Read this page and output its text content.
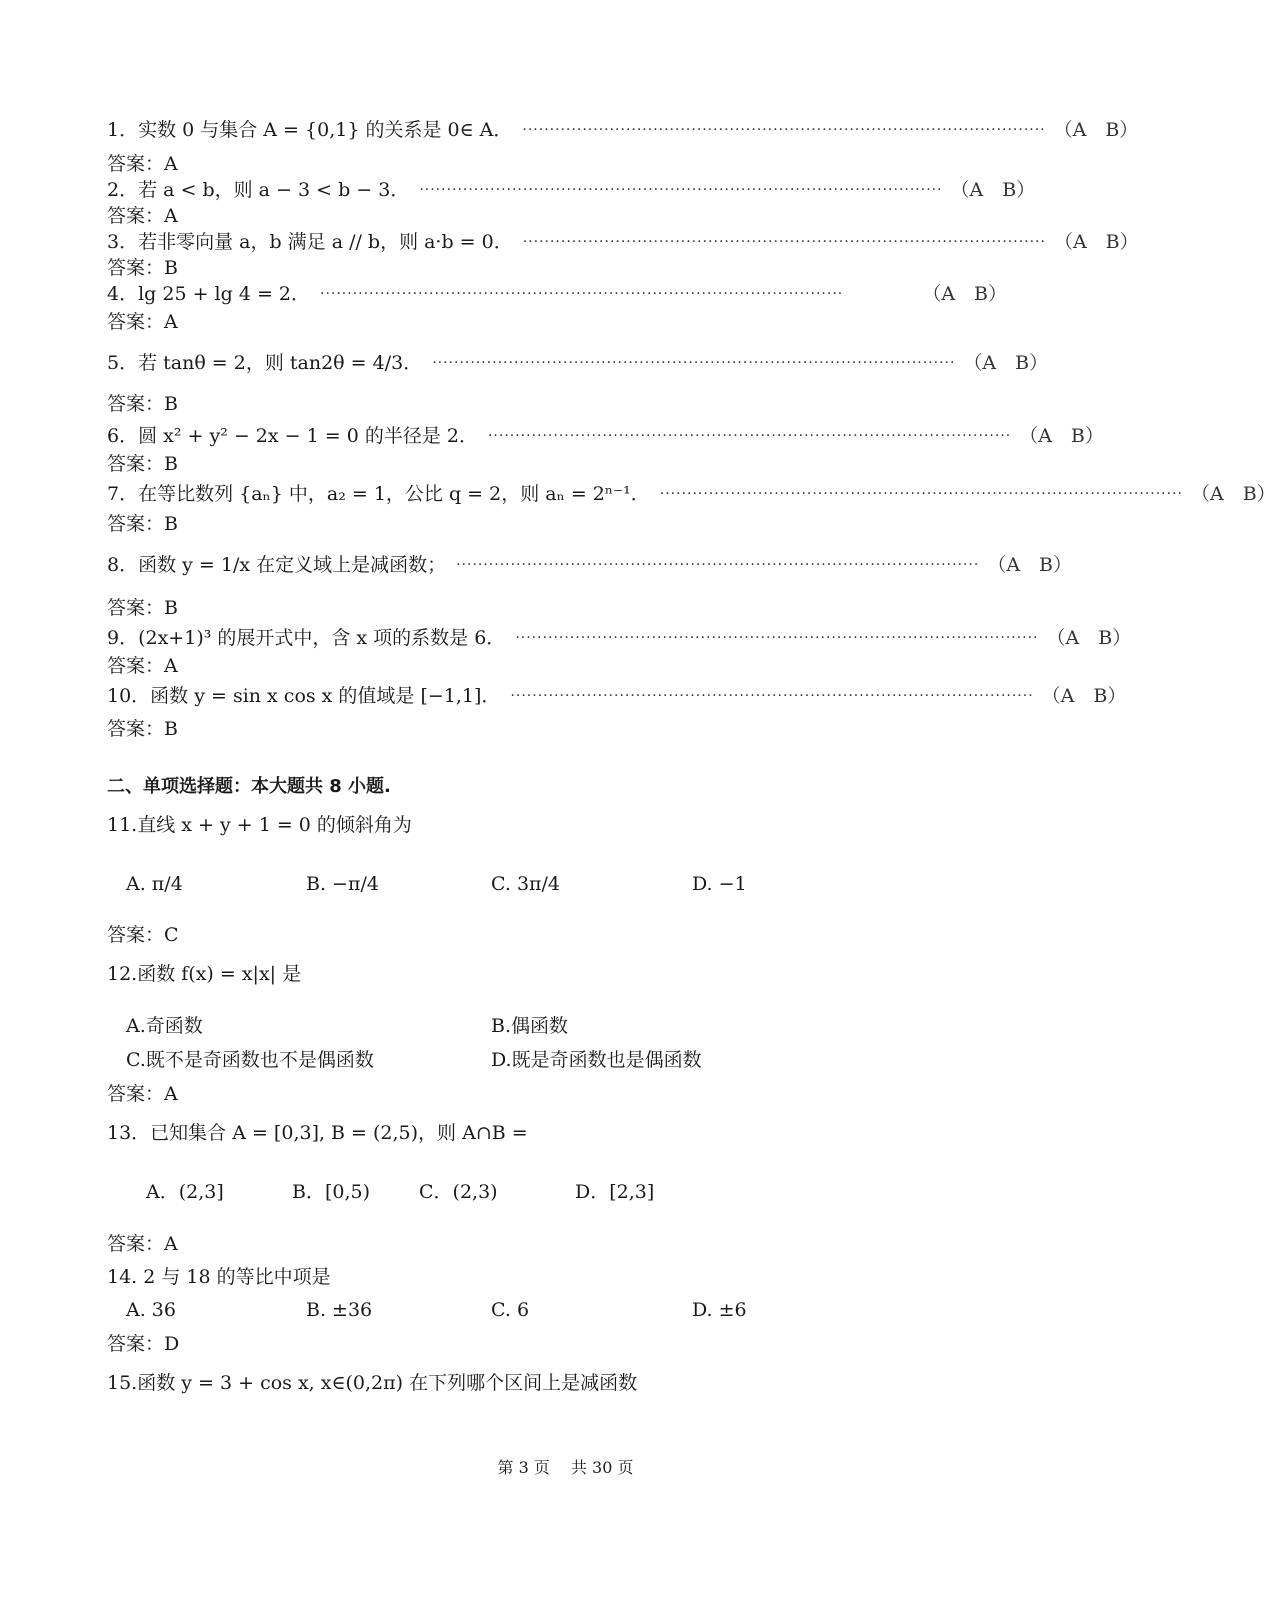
1．实数 0 与集合 A = {0,1} 的关系是 0∈ A． ································································································ （A　B）
答案：A
2．若 a < b，则 a − 3 < b − 3． ································································································ （A　B）
答案：A
3．若非零向量 a，b 满足 a // b，则 a·b = 0． ································································································ （A　B）
答案：B
4．lg 25 + lg 4 = 2． ································································································	（A　B）
答案：A
5．若 tanθ = 2，则 tan2θ = 4/3． ································································································ （A　B）
答案：B
6．圆 x² + y² − 2x − 1 = 0 的半径是 2． ································································································ （A　B）
答案：B
7．在等比数列 {aₙ} 中，a₂ = 1，公比 q = 2，则 aₙ = 2ⁿ⁻¹． ································································································ （A　B）
答案：B
8．函数 y = 1/x 在定义域上是减函数； ································································································ （A　B）
答案：B
9．(2x+1)³ 的展开式中，含 x 项的系数是 6． ································································································ （A　B）
答案：A
10．函数 y = sin x cos x 的值域是 [−1,1]． ································································································ （A　B）
答案：B
二、单项选择题：本大题共 8 小题.
11.直线 x + y + 1 = 0 的倾斜角为
A. π/4	B. −π/4	C. 3π/4	D. −1
答案：C
12.函数 f(x) = x|x| 是
A.奇函数	B.偶函数
C.既不是奇函数也不是偶函数	D.既是奇函数也是偶函数
答案：A
13．已知集合 A = [0,3], B = (2,5)，则 A∩B =
A．(2,3]	B．[0,5)	C．(2,3)	D．[2,3]
答案：A
14. 2 与 18 的等比中项是
A. 36	B. ±36	C. 6	D. ±6
答案：D
15.函数 y = 3 + cos x, x∈(0,2π) 在下列哪个区间上是减函数
第 3 页　 共 30 页
